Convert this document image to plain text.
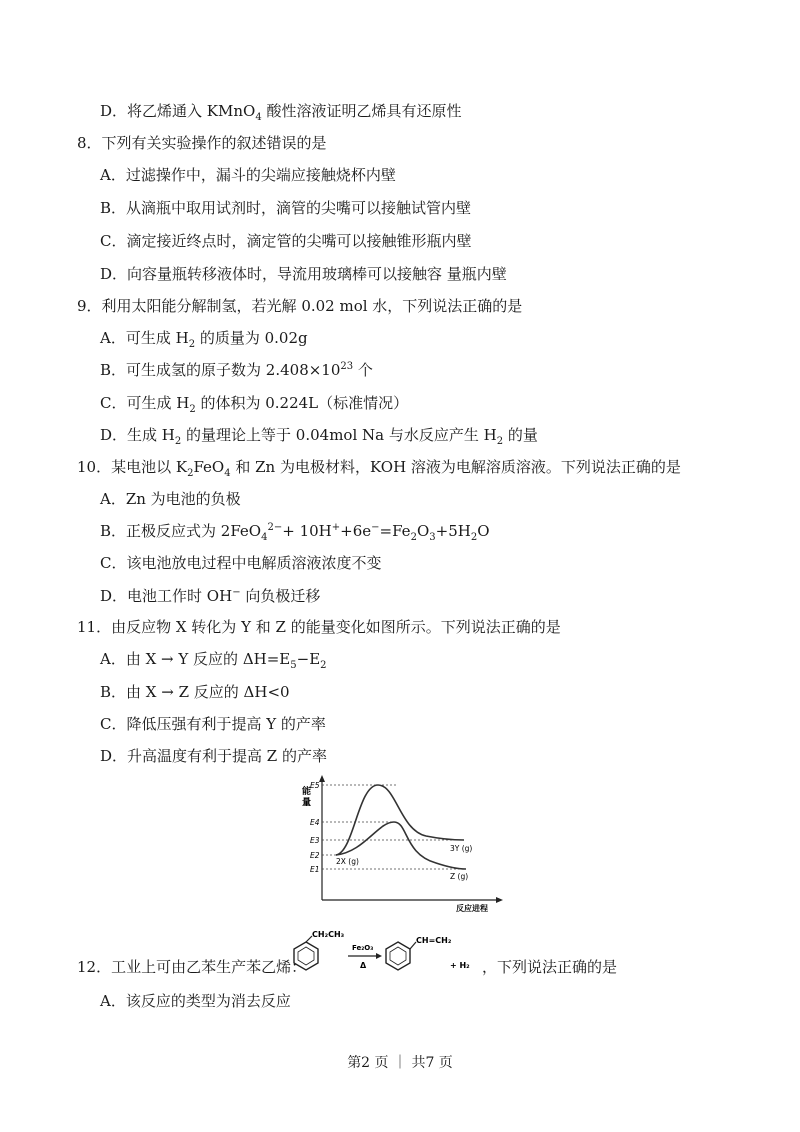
D．将乙烯通入 KMnO$_4$ 酸性溶液证明乙烯具有还原性
8．下列有关实验操作的叙述错误的是
A．过滤操作中，漏斗的尖端应接触烧杯内壁
B．从滴瓶中取用试剂时，滴管的尖嘴可以接触试管内壁
C．滴定接近终点时，滴定管的尖嘴可以接触锥形瓶内壁
D．向容量瓶转移液体时，导流用玻璃棒可以接触容 量瓶内壁
9．利用太阳能分解制氢，若光解 0.02 mol 水，下列说法正确的是
A．可生成 $H_2$ 的质量为 0.02g
B．可生成氢的原子数为 $2.408\times 10^{23}$ 个
C．可生成 $H_2$ 的体积为 0.224L（标准情况）
D．生成 $H_2$ 的量理论上等于 0.04mol Na 与水反应产生 $H_2$ 的量
10．某电池以 $K_2FeO_4$ 和 Zn 为电极材料，KOH 溶液为电解溶质溶液。下列说法正确的是
A．Zn 为电池的负极
B．正极反应式为 $2FeO_4^{2-}+ 10H^++6e^-=Fe_2O_3+5H_2O$
C．该电池放电过程中电解质溶液浓度不变
D．电池工作时 OH− 向负极迁移
11．由反应物 X 转化为 Y 和 Z 的能量变化如图所示。下列说法正确的是
A．由 X → Y 反应的 $\Delta H=E_5-E_2$
B．由 X → Z 反应的 ΔH<0
C．降低压强有利于提高 Y 的产率
D．升高温度有利于提高 Z 的产率
能
量
E5
E4
E3
E2
E1
2X (g)
3Y (g)
Z (g)
反应进程
12．工业上可由乙苯生产苯乙烯：
CH₂CH₃
Fe₂O₃
Δ
CH=CH₂
+ H₂ ，下列说法正确的是
A．该反应的类型为消去反应
第2 页 ｜ 共7 页
